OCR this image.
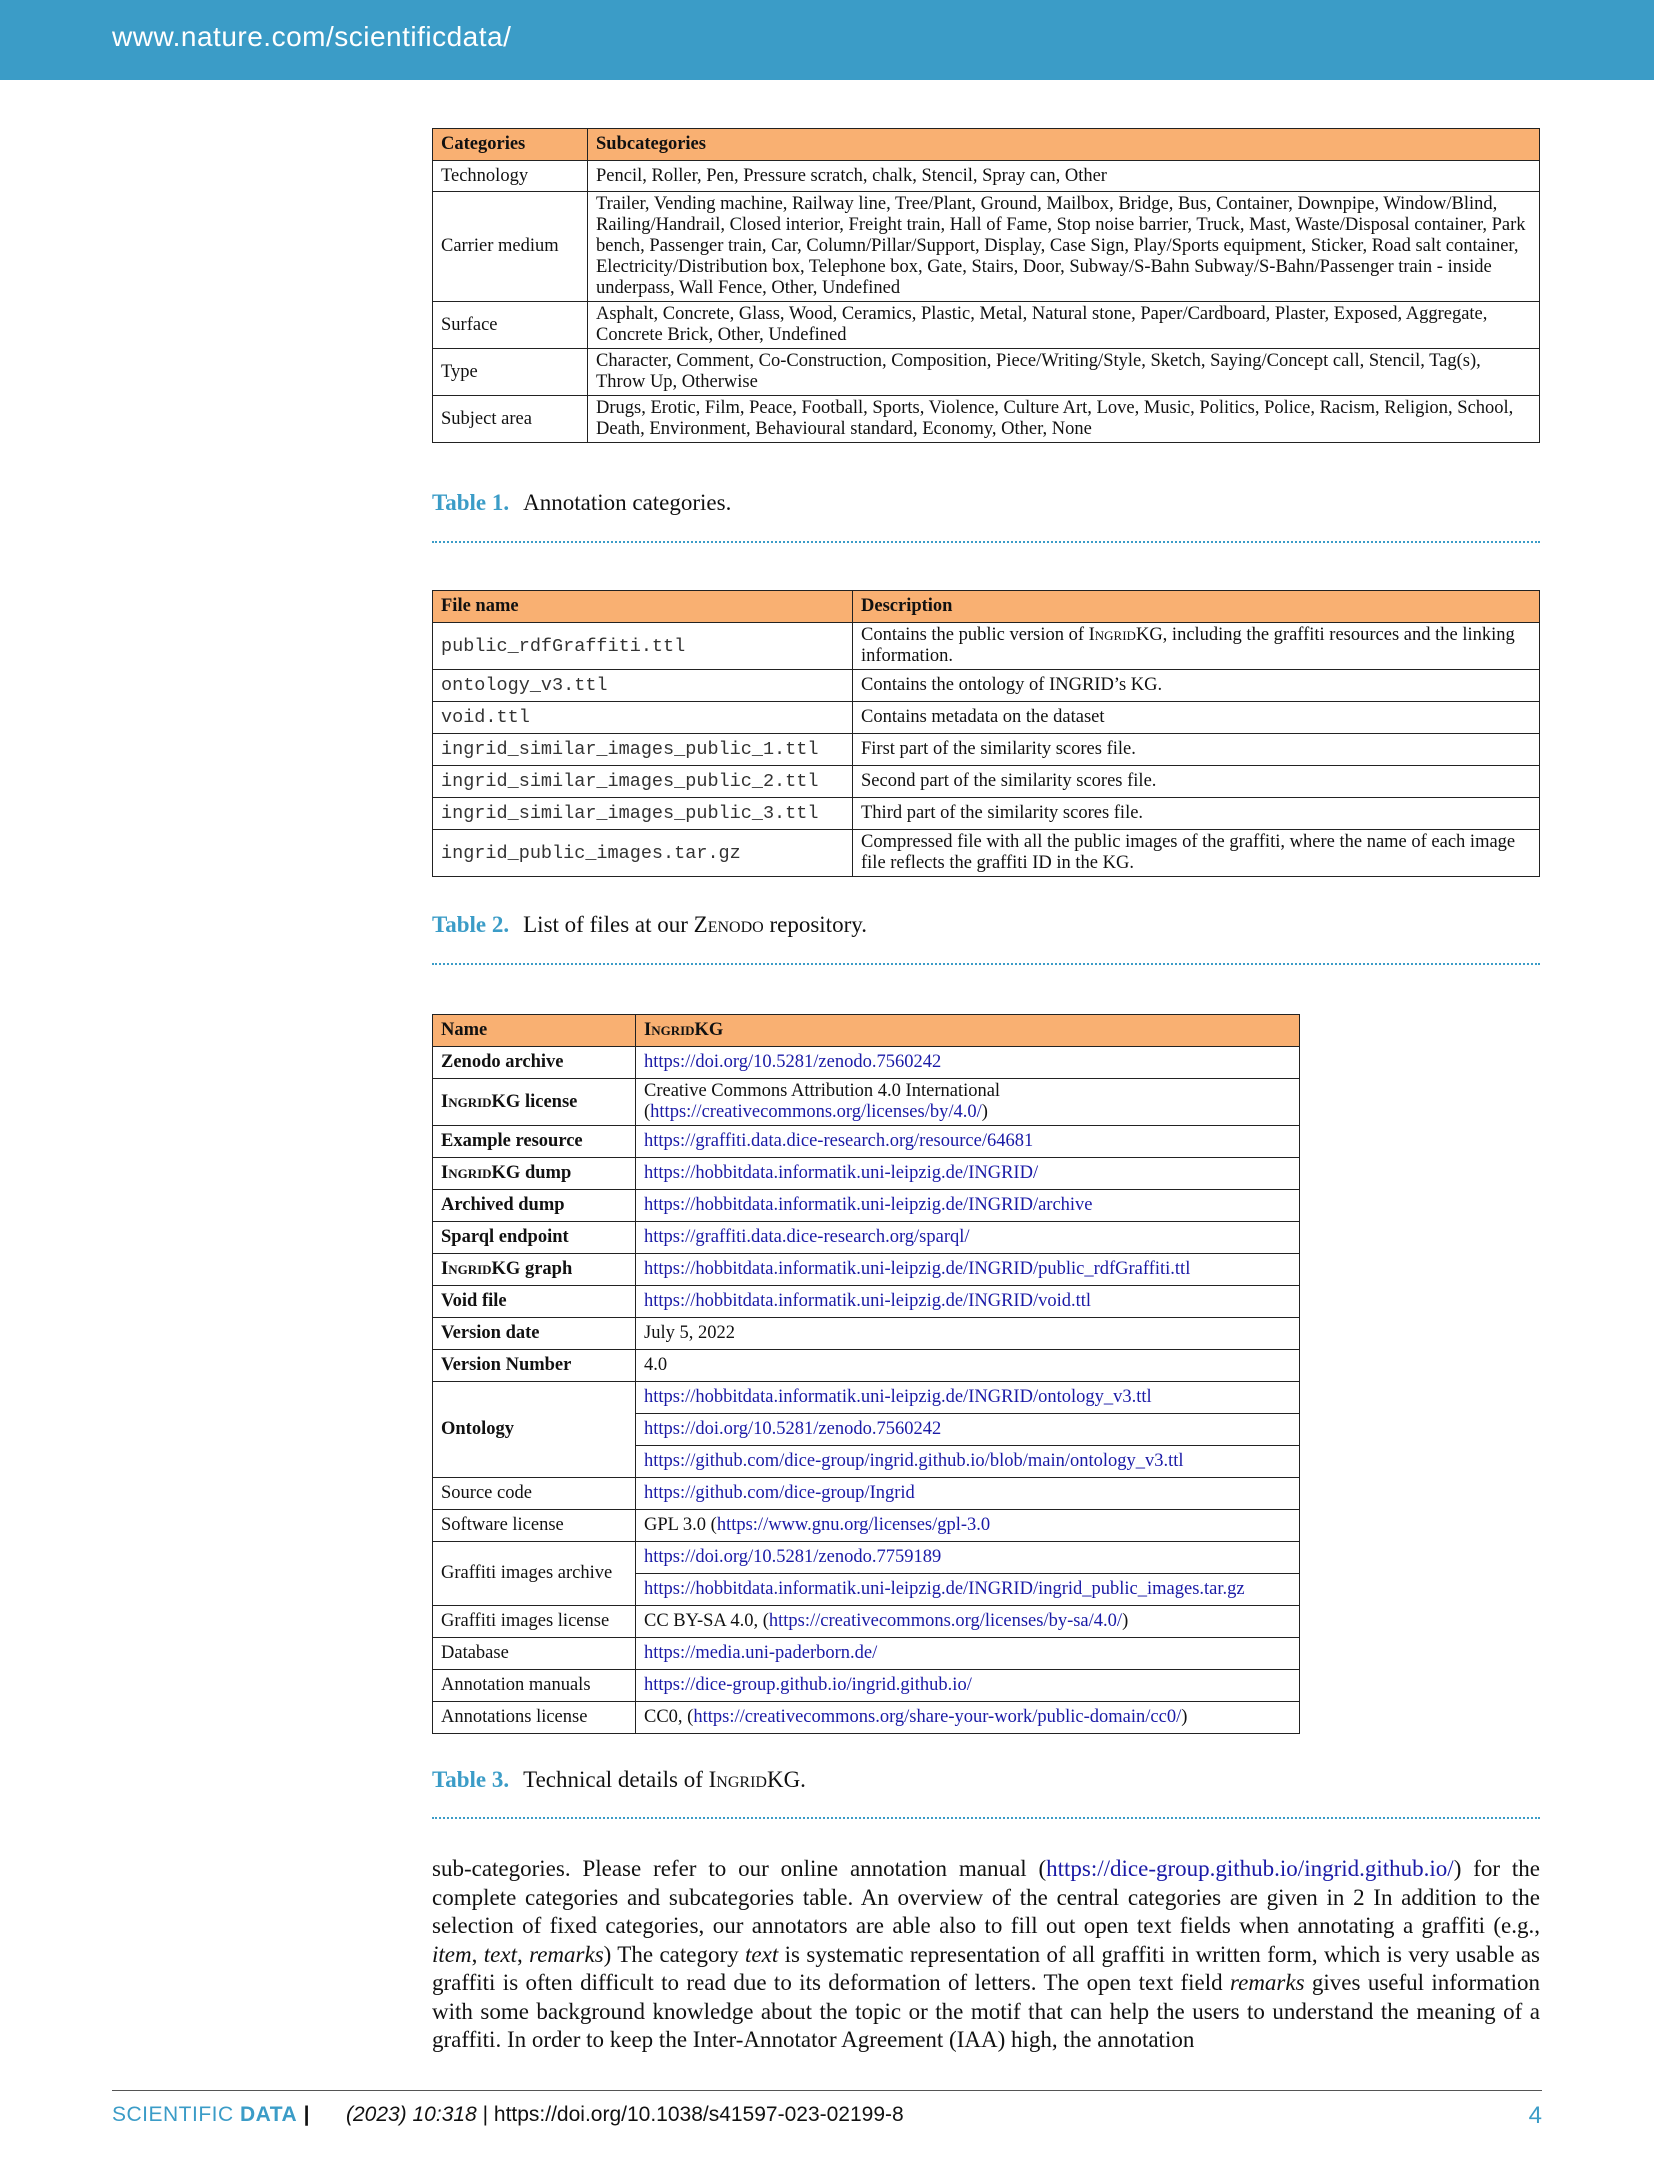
www.nature.com/scientificdata/
Categories	Subcategories
Technology	Pencil, Roller, Pen, Pressure scratch, chalk, Stencil, Spray can, Other
Carrier medium	Trailer, Vending machine, Railway line, Tree/Plant, Ground, Mailbox, Bridge, Bus, Container, Downpipe, Window/Blind, Railing/Handrail, Closed interior, Freight train, Hall of Fame, Stop noise barrier, Truck, Mast, Waste/Disposal container, Park bench, Passenger train, Car, Column/Pillar/Support, Display, Case Sign, Play/Sports equipment, Sticker, Road salt container, Electricity/Distribution box, Telephone box, Gate, Stairs, Door, Subway/S-Bahn Subway/S-Bahn/Passenger train - inside underpass, Wall Fence, Other, Undefined
Surface	Asphalt, Concrete, Glass, Wood, Ceramics, Plastic, Metal, Natural stone, Paper/Cardboard, Plaster, Exposed, Aggregate, Concrete Brick, Other, Undefined
Type	Character, Comment, Co-Construction, Composition, Piece/Writing/Style, Sketch, Saying/Concept call, Stencil, Tag(s), Throw Up, Otherwise
Subject area	Drugs, Erotic, Film, Peace, Football, Sports, Violence, Culture Art, Love, Music, Politics, Police, Racism, Religion, School, Death, Environment, Behavioural standard, Economy, Other, None
Table 1. Annotation categories.
File name	Description
public_rdfGraffiti.ttl	Contains the public version of IngridKG, including the graffiti resources and the linking information.
ontology_v3.ttl	Contains the ontology of INGRID’s KG.
void.ttl	Contains metadata on the dataset
ingrid_similar_images_public_1.ttl	First part of the similarity scores file.
ingrid_similar_images_public_2.ttl	Second part of the similarity scores file.
ingrid_similar_images_public_3.ttl	Third part of the similarity scores file.
ingrid_public_images.tar.gz	Compressed file with all the public images of the graffiti, where the name of each image file reflects the graffiti ID in the KG.
Table 2. List of files at our Zenodo repository.
Name	IngridKG
Zenodo archive	https://doi.org/10.5281/zenodo.7560242
IngridKG license	Creative Commons Attribution 4.0 International (https://creativecommons.org/licenses/by/4.0/)
Example resource	https://graffiti.data.dice-research.org/resource/64681
IngridKG dump	https://hobbitdata.informatik.uni-leipzig.de/INGRID/
Archived dump	https://hobbitdata.informatik.uni-leipzig.de/INGRID/archive
Sparql endpoint	https://graffiti.data.dice-research.org/sparql/
IngridKG graph	https://hobbitdata.informatik.uni-leipzig.de/INGRID/public_rdfGraffiti.ttl
Void file	https://hobbitdata.informatik.uni-leipzig.de/INGRID/void.ttl
Version date	July 5, 2022
Version Number	4.0
Ontology	https://hobbitdata.informatik.uni-leipzig.de/INGRID/ontology_v3.ttl
	https://doi.org/10.5281/zenodo.7560242
	https://github.com/dice-group/ingrid.github.io/blob/main/ontology_v3.ttl
Source code	https://github.com/dice-group/Ingrid
Software license	GPL 3.0 (https://www.gnu.org/licenses/gpl-3.0
Graffiti images archive	https://doi.org/10.5281/zenodo.7759189
	https://hobbitdata.informatik.uni-leipzig.de/INGRID/ingrid_public_images.tar.gz
Graffiti images license	CC BY-SA 4.0, (https://creativecommons.org/licenses/by-sa/4.0/)
Database	https://media.uni-paderborn.de/
Annotation manuals	https://dice-group.github.io/ingrid.github.io/
Annotations license	CC0, (https://creativecommons.org/share-your-work/public-domain/cc0/)
Table 3. Technical details of IngridKG.
sub-categories. Please refer to our online annotation manual (https://dice-group.github.io/ingrid.github.io/) for the complete categories and subcategories table. An overview of the central categories are given in 2 In addition to the selection of fixed categories, our annotators are able also to fill out open text fields when annotating a graffiti (e.g., item, text, remarks) The category text is systematic representation of all graffiti in written form, which is very usable as graffiti is often difficult to read due to its deformation of letters. The open text field remarks gives useful information with some background knowledge about the topic or the motif that can help the users to understand the meaning of a graffiti. In order to keep the Inter-Annotator Agreement (IAA) high, the annotation
SCIENTIFIC DATA | (2023) 10:318 | https://doi.org/10.1038/s41597-023-02199-8	4
